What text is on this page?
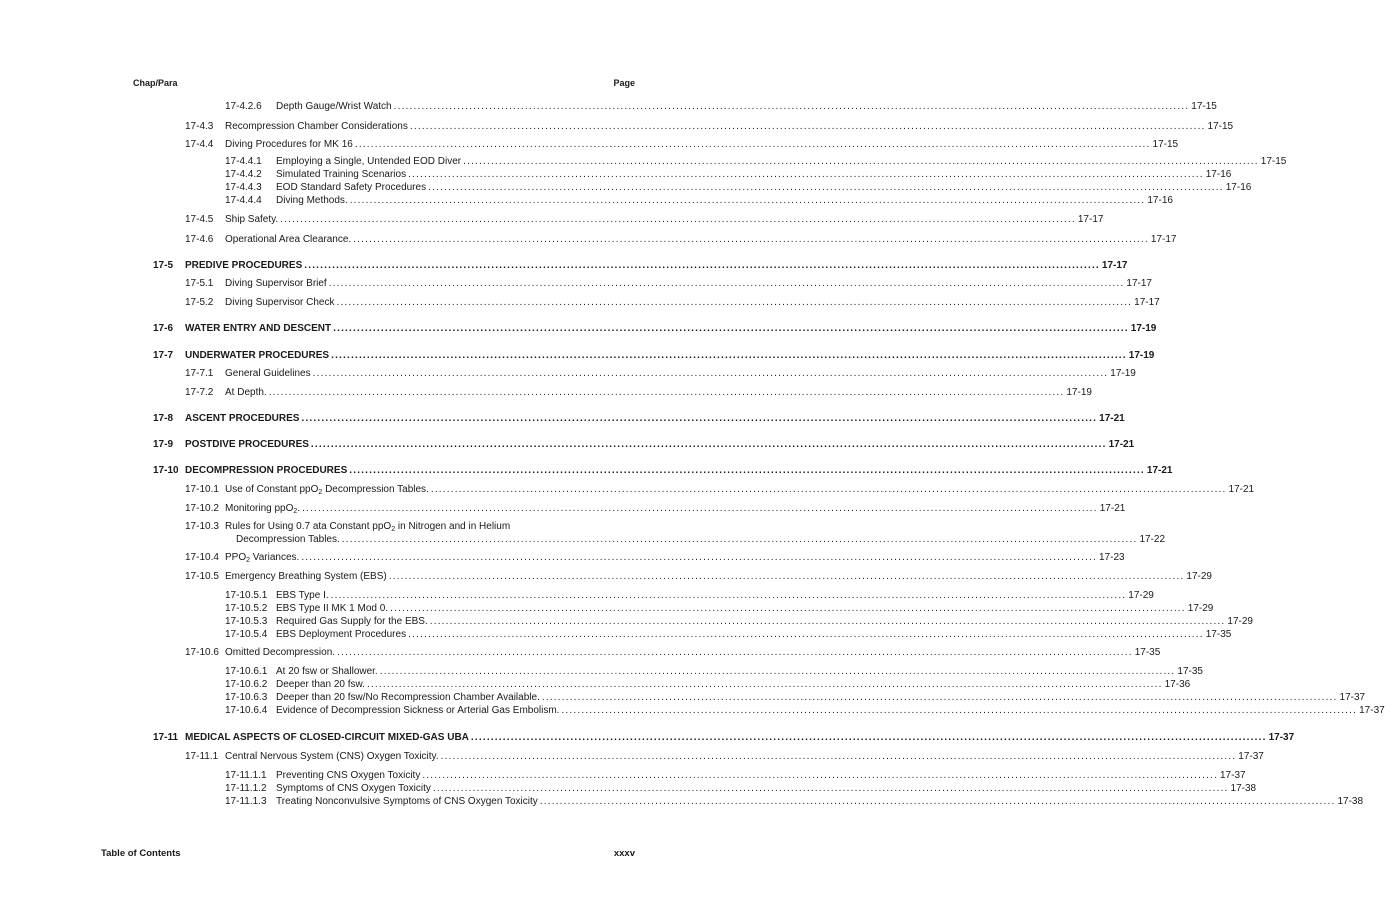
Chap/Para	Page
17-4.2.6	Depth Gauge/Wrist Watch ........................................................................................................................................................................................................ 17-15
17-4.3	Recompression Chamber Considerations ........................................................................................................................................................................................................ 17-15
17-4.4	Diving Procedures for MK 16 ........................................................................................................................................................................................................ 17-15
17-4.4.1	Employing a Single, Untended EOD Diver ........................................................................................................................................................................................................ 17-15
17-4.4.2	Simulated Training Scenarios ........................................................................................................................................................................................................ 17-16
17-4.4.3	EOD Standard Safety Procedures ........................................................................................................................................................................................................ 17-16
17-4.4.4	Diving Methods. ........................................................................................................................................................................................................ 17-16
17-4.5	Ship Safety. ........................................................................................................................................................................................................ 17-17
17-4.6	Operational Area Clearance. ........................................................................................................................................................................................................ 17-17
17-5	PREDIVE PROCEDURES ........................................................................................................................................................................................................ 17-17
17-5.1	Diving Supervisor Brief ........................................................................................................................................................................................................ 17-17
17-5.2	Diving Supervisor Check ........................................................................................................................................................................................................ 17-17
17-6	WATER ENTRY AND DESCENT ........................................................................................................................................................................................................ 17-19
17-7	UNDERWATER PROCEDURES ........................................................................................................................................................................................................ 17-19
17-7.1	General Guidelines ........................................................................................................................................................................................................ 17-19
17-7.2	At Depth. ........................................................................................................................................................................................................ 17-19
17-8	ASCENT PROCEDURES ........................................................................................................................................................................................................ 17-21
17-9	POSTDIVE PROCEDURES ........................................................................................................................................................................................................ 17-21
17-10 DECOMPRESSION PROCEDURES ........................................................................................................................................................................................................ 17-21
17-10.1 Use of Constant ppO$_2$ Decompression Tables. ........................................................................................................................................................................................................ 17-21
17-10.2 Monitoring ppO$_2$. ........................................................................................................................................................................................................ 17-21
17-10.3 Rules for Using 0.7 ata Constant ppO$_2$ in Nitrogen and in Helium
Decompression Tables. ........................................................................................................................................................................................................ 17-22
17-10.4 $PPO_2$ Variances. ........................................................................................................................................................................................................ 17-23
17-10.5 Emergency Breathing System (EBS) ........................................................................................................................................................................................................ 17-29
17-10.5.1 EBS Type I. ........................................................................................................................................................................................................ 17-29
17-10.5.2 EBS Type II MK 1 Mod 0. ........................................................................................................................................................................................................ 17-29
17-10.5.3 Required Gas Supply for the EBS. ........................................................................................................................................................................................................ 17-29
17-10.5.4 EBS Deployment Procedures ........................................................................................................................................................................................................ 17-35
17-10.6 Omitted Decompression. ........................................................................................................................................................................................................ 17-35
17-10.6.1 At 20 fsw or Shallower. ........................................................................................................................................................................................................ 17-35
17-10.6.2 Deeper than 20 fsw. ........................................................................................................................................................................................................ 17-36
17-10.6.3 Deeper than 20 fsw/No Recompression Chamber Available. ........................................................................................................................................................................................................ 17-37
17-10.6.4 Evidence of Decompression Sickness or Arterial Gas Embolism. ........................................................................................................................................................................................................ 17-37
17-11 MEDICAL ASPECTS OF CLOSED-CIRCUIT MIXED-GAS UBA ........................................................................................................................................................................................................ 17-37
17-11.1 Central Nervous System (CNS) Oxygen Toxicity. ........................................................................................................................................................................................................ 17-37
17-11.1.1 Preventing CNS Oxygen Toxicity ........................................................................................................................................................................................................ 17-37
17-11.1.2 Symptoms of CNS Oxygen Toxicity ........................................................................................................................................................................................................ 17-38
17-11.1.3 Treating Nonconvulsive Symptoms of CNS Oxygen Toxicity ........................................................................................................................................................................................................ 17-38
Table of Contents	xxxv
